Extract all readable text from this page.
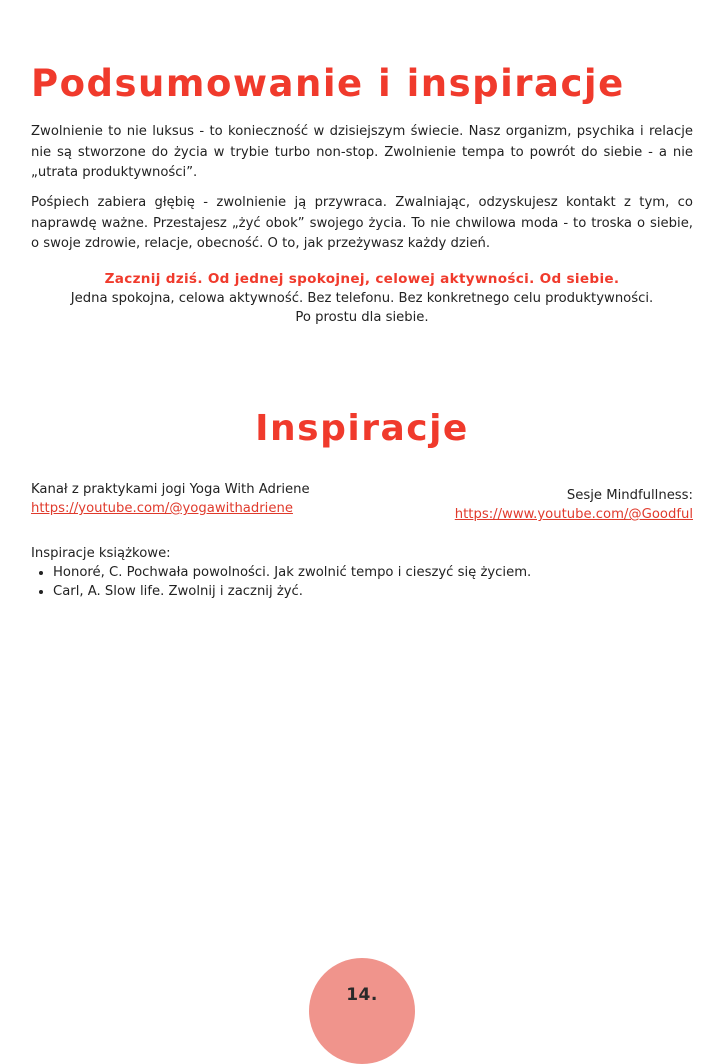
Podsumowanie i inspiracje

Zwolnienie to nie luksus - to konieczność w dzisiejszym świecie. Nasz organizm, psychika i relacje nie są stworzone do życia w trybie turbo non-stop. Zwolnienie tempa to powrót do siebie - a nie „utrata produktywności”.

Pośpiech zabiera głębię - zwolnienie ją przywraca. Zwalniając, odzyskujesz kontakt z tym, co naprawdę ważne. Przestajesz „żyć obok” swojego życia. To nie chwilowa moda - to troska o siebie, o swoje zdrowie, relacje, obecność. O to, jak przeżywasz każdy dzień.

Zacznij dziś. Od jednej spokojnej, celowej aktywności. Od siebie.
Jedna spokojna, celowa aktywność. Bez telefonu. Bez konkretnego celu produktywności.
Po prostu dla siebie.
Inspiracje
Kanał z praktykami jogi Yoga With Adriene
https://youtube.com/@yogawithadriene
Sesje Mindfullness:
https://www.youtube.com/@Goodful
Inspiracje książkowe:
• Honoré, C. Pochwała powolności. Jak zwolnić tempo i cieszyć się życiem.
• Carl, A. Slow life. Zwolnij i zacznij żyć.
14.
